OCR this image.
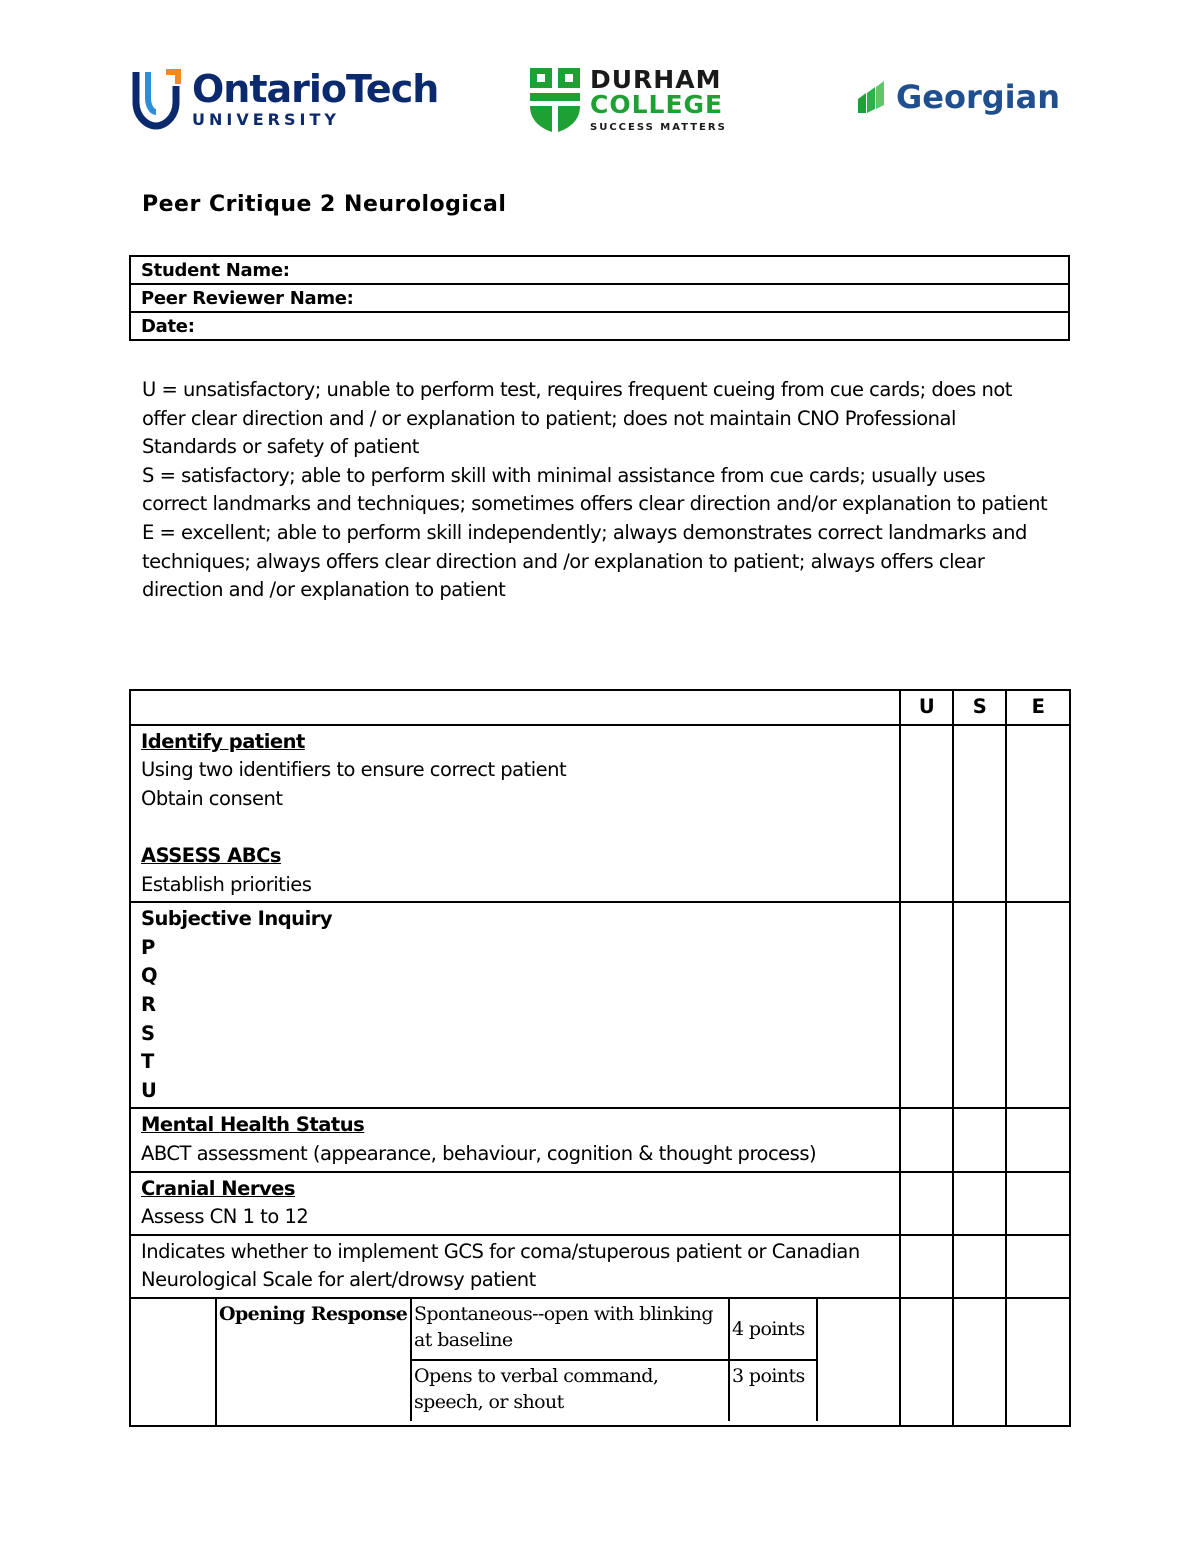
OntarioTech
UNIVERSITY
DURHAM
COLLEGE
SUCCESS MATTERS
Georgian
Peer Critique 2 Neurological
Student Name:
Peer Reviewer Name:
Date:

U = unsatisfactory; unable to perform test, requires frequent cueing from cue cards; does not offer clear direction and / or explanation to patient; does not maintain CNO Professional Standards or safety of patient

S = satisfactory; able to perform skill with minimal assistance from cue cards; usually uses correct landmarks and techniques; sometimes offers clear direction and/or explanation to patient

E = excellent; able to perform skill independently; always demonstrates correct landmarks and techniques; always offers clear direction and /or explanation to patient; always offers clear direction and /or explanation to patient

	U	S	E

Identify patient
Using two identifiers to ensure correct patient
Obtain consent
ASSESS ABCs
Establish priorities

Subjective Inquiry
P
Q
R
S
T
U

Mental Health Status
ABCT assessment (appearance, behaviour, cognition & thought process)

Cranial Nerves
Assess CN 1 to 12

Indicates whether to implement GCS for coma/stuperous patient or Canadian Neurological Scale for alert/drowsy patient

Opening Response	Spontaneous--open with blinking at baseline	4 points	
Opens to verbal command, speech, or shout	3 points
